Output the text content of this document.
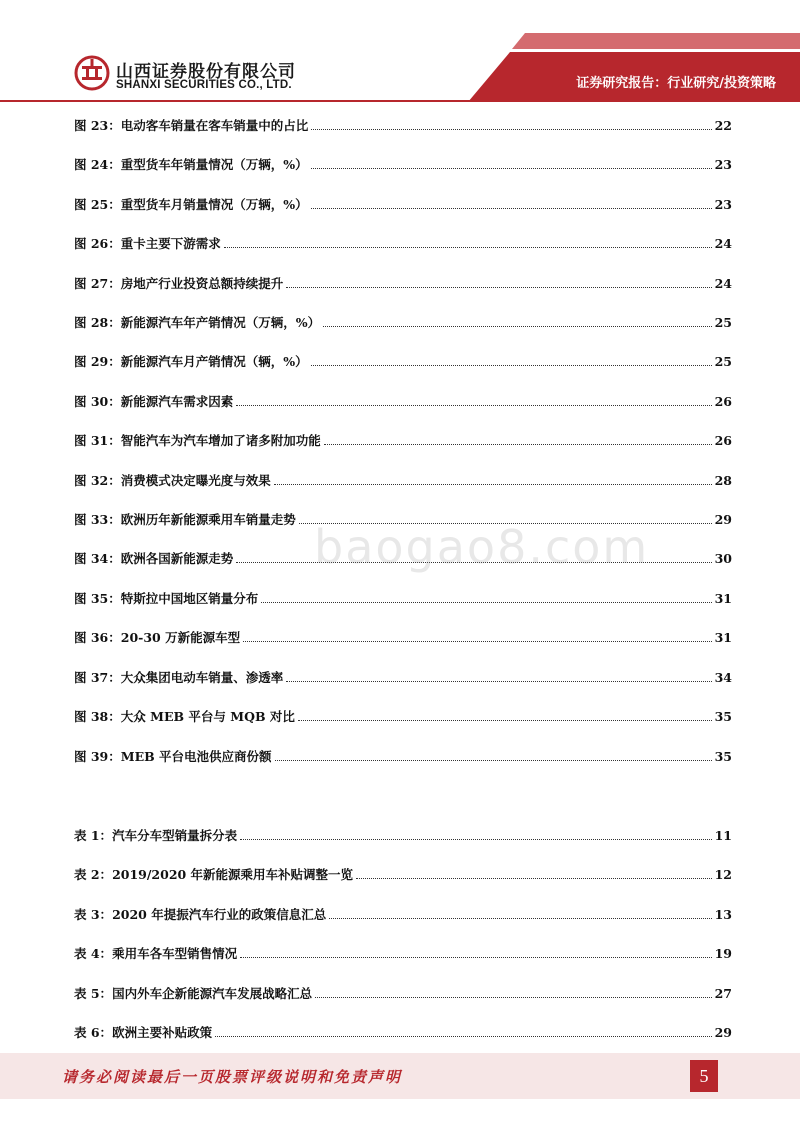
山西证券股份有限公司
SHANXI SECURITIES CO., LTD.	证券研究报告：行业研究/投资策略
图 23：电动客车销量在客车销量中的占比	22
图 24：重型货车年销量情况（万辆，%）	23
图 25：重型货车月销量情况（万辆，%）	23
图 26：重卡主要下游需求	24
图 27：房地产行业投资总额持续提升	24
图 28：新能源汽车年产销情况（万辆，%）	25
图 29：新能源汽车月产销情况（辆，%）	25
图 30：新能源汽车需求因素	26
图 31：智能汽车为汽车增加了诸多附加功能	26
图 32：消费模式决定曝光度与效果	28
图 33：欧洲历年新能源乘用车销量走势	29
图 34：欧洲各国新能源走势	30
图 35：特斯拉中国地区销量分布	31
图 36：20-30 万新能源车型	31
图 37：大众集团电动车销量、渗透率	34
图 38：大众 MEB 平台与 MQB 对比	35
图 39：MEB 平台电池供应商份额	35
表 1：汽车分车型销量拆分表	11
表 2：2019/2020 年新能源乘用车补贴调整一览	12
表 3：2020 年提振汽车行业的政策信息汇总	13
表 4：乘用车各车型销售情况	19
表 5：国内外车企新能源汽车发展战略汇总	27
表 6：欧洲主要补贴政策	29
baogao8.com
请务必阅读最后一页股票评级说明和免责声明	5
